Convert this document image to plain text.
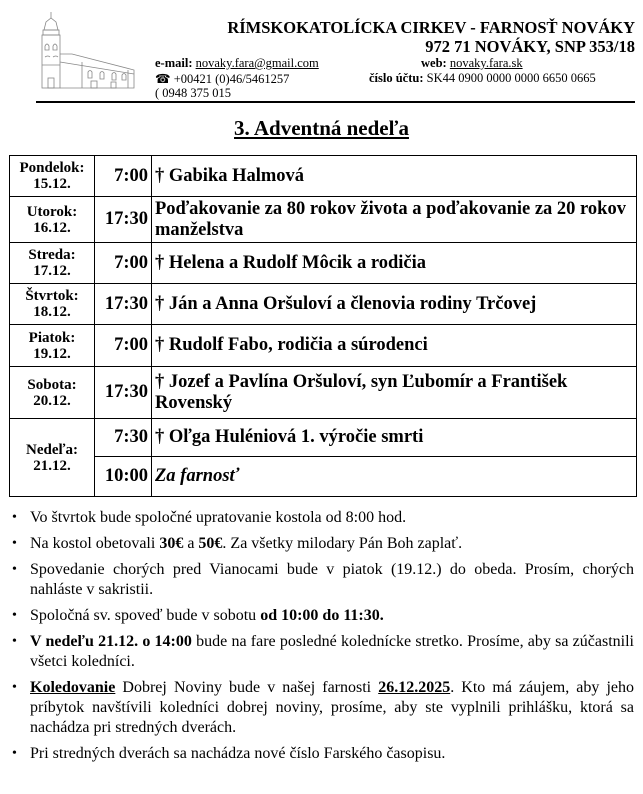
RÍMSKOKATOLÍCKA CIRKEV - FARNOSŤ NOVÁKY
972 71 NOVÁKY, SNP 353/18
e-mail: novaky.fara@gmail.com
☎ +00421 (0)46/5461257
( 0948 375 015
web: novaky.fara.sk
číslo účtu: SK44 0900 0000 0000 6650 0665
3. Adventná nedeľa
Pondelok:
15.12.	7:00	† Gabika Halmová

Utorok:
16.12.	17:30	Poďakovanie za 80 rokov života a poďakovanie za 20 rokov manželstva

Streda:
17.12.	7:00	† Helena a Rudolf Môcik a rodičia

Štvrtok:
18.12.	17:30	† Ján a Anna Oršuloví a členovia rodiny Trčovej

Piatok:
19.12.	7:00	† Rudolf Fabo, rodičia a súrodenci

Sobota:
20.12.	17:30	† Jozef a Pavlína Oršuloví, syn Ľubomír a František Rovenský

Nedeľa:
21.12.	7:30	† Oľga Huléniová 1. výročie smrti
	10:00	Za farnosť
• Vo štvrtok bude spoločné upratovanie kostola od 8:00 hod.
• Na kostol obetovali 30€ a 50€. Za všetky milodary Pán Boh zaplať.
• Spovedanie chorých pred Vianocami bude v piatok (19.12.) do obeda. Prosím, chorých nahláste v sakristii.
• Spoločná sv. spoveď bude v sobotu od 10:00 do 11:30.
• V nedeľu 21.12. o 14:00 bude na fare posledné kolednícke stretko. Prosíme, aby sa zúčastnili všetci koledníci.
• Koledovanie Dobrej Noviny bude v našej farnosti 26.12.2025. Kto má záujem, aby jeho príbytok navštívili koledníci dobrej noviny, prosíme, aby ste vyplnili prihlášku, ktorá sa nachádza pri stredných dverách.
• Pri stredných dverách sa nachádza nové číslo Farského časopisu.
